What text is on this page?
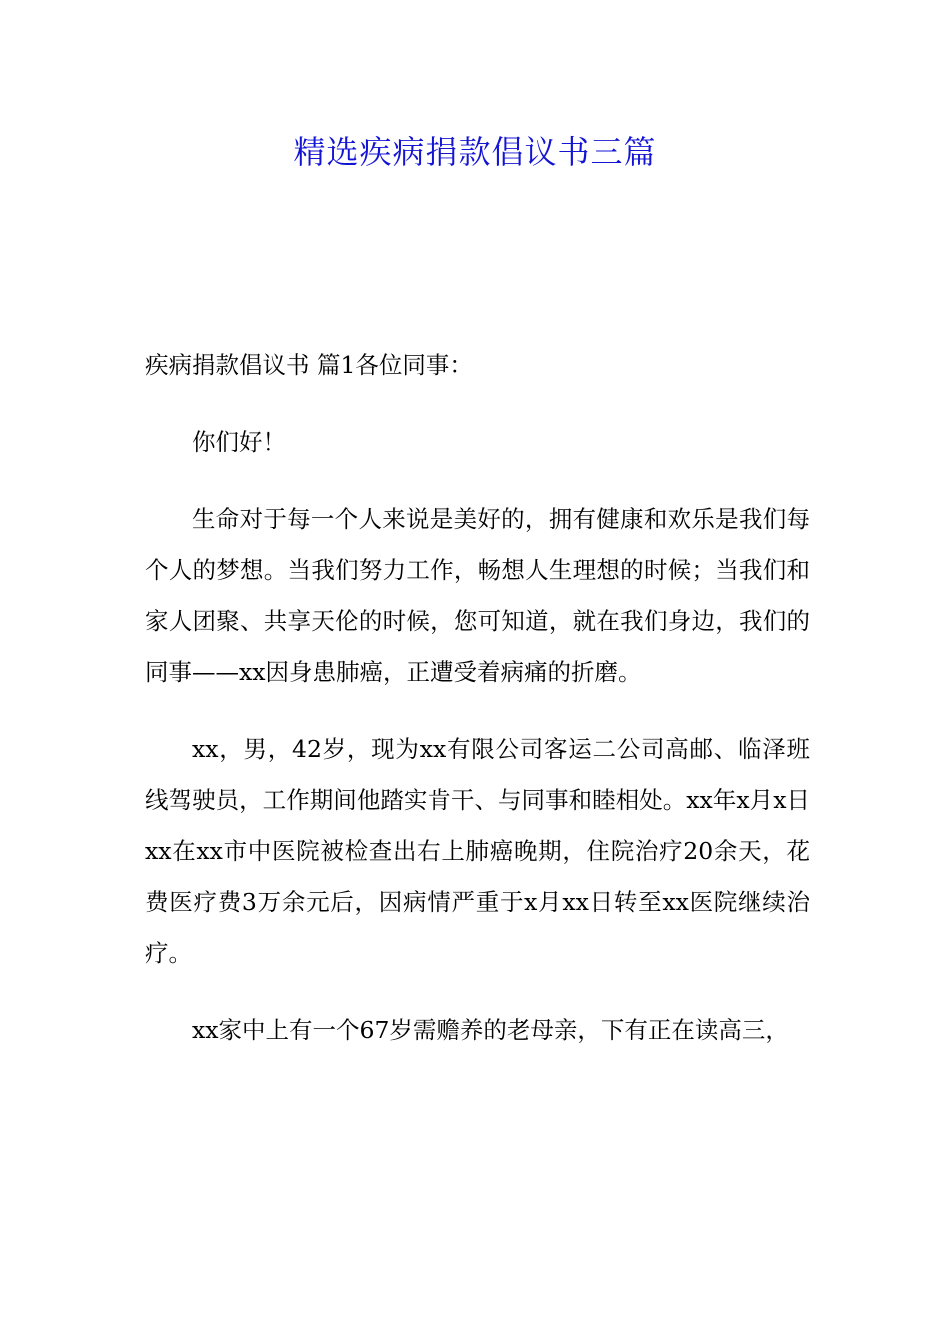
精选疾病捐款倡议书三篇

疾病捐款倡议书 篇1各位同事：

你们好！

生命对于每一个人来说是美好的，拥有健康和欢乐是我们每个人的梦想。当我们努力工作，畅想人生理想的时候；当我们和家人团聚、共享天伦的时候，您可知道，就在我们身边，我们的同事——xx因身患肺癌，正遭受着病痛的折磨。

xx，男，42岁，现为xx有限公司客运二公司高邮、临泽班线驾驶员，工作期间他踏实肯干、与同事和睦相处。xx年x月x日xx在xx市中医院被检查出右上肺癌晚期，住院治疗20余天，花费医疗费3万余元后，因病情严重于x月xx日转至xx医院继续治疗。

xx家中上有一个67岁需赡养的老母亲，下有正在读高三，
